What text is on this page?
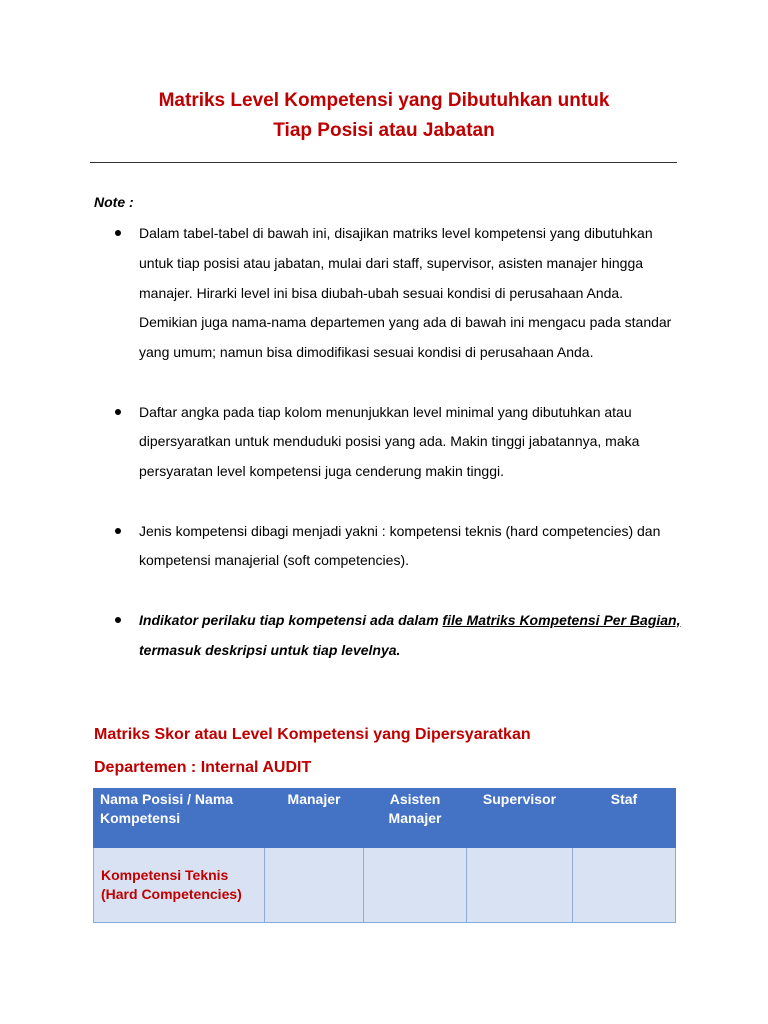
Matriks Level Kompetensi yang Dibutuhkan untuk
Tiap Posisi atau Jabatan

Note :

Dalam tabel-tabel di bawah ini, disajikan matriks level kompetensi yang dibutuhkan untuk tiap posisi atau jabatan, mulai dari staff, supervisor, asisten manajer hingga manajer. Hirarki level ini bisa diubah-ubah sesuai kondisi di perusahaan Anda. Demikian juga nama-nama departemen yang ada di bawah ini mengacu pada standar yang umum; namun bisa dimodifikasi sesuai kondisi di perusahaan Anda.
Daftar angka pada tiap kolom menunjukkan level minimal yang dibutuhkan atau dipersyaratkan untuk menduduki posisi yang ada. Makin tinggi jabatannya, maka persyaratan level kompetensi juga cenderung makin tinggi.
Jenis kompetensi dibagi menjadi yakni : kompetensi teknis (hard competencies) dan kompetensi manajerial (soft competencies).
Indikator perilaku tiap kompetensi ada dalam file Matriks Kompetensi Per Bagian, termasuk deskripsi untuk tiap levelnya.
Matriks Skor atau Level Kompetensi yang Dipersyaratkan
Departemen : Internal AUDIT
Nama Posisi / Nama Kompetensi	Manajer	Asisten Manajer	Supervisor	Staf
Kompetensi Teknis (Hard Competencies)				
